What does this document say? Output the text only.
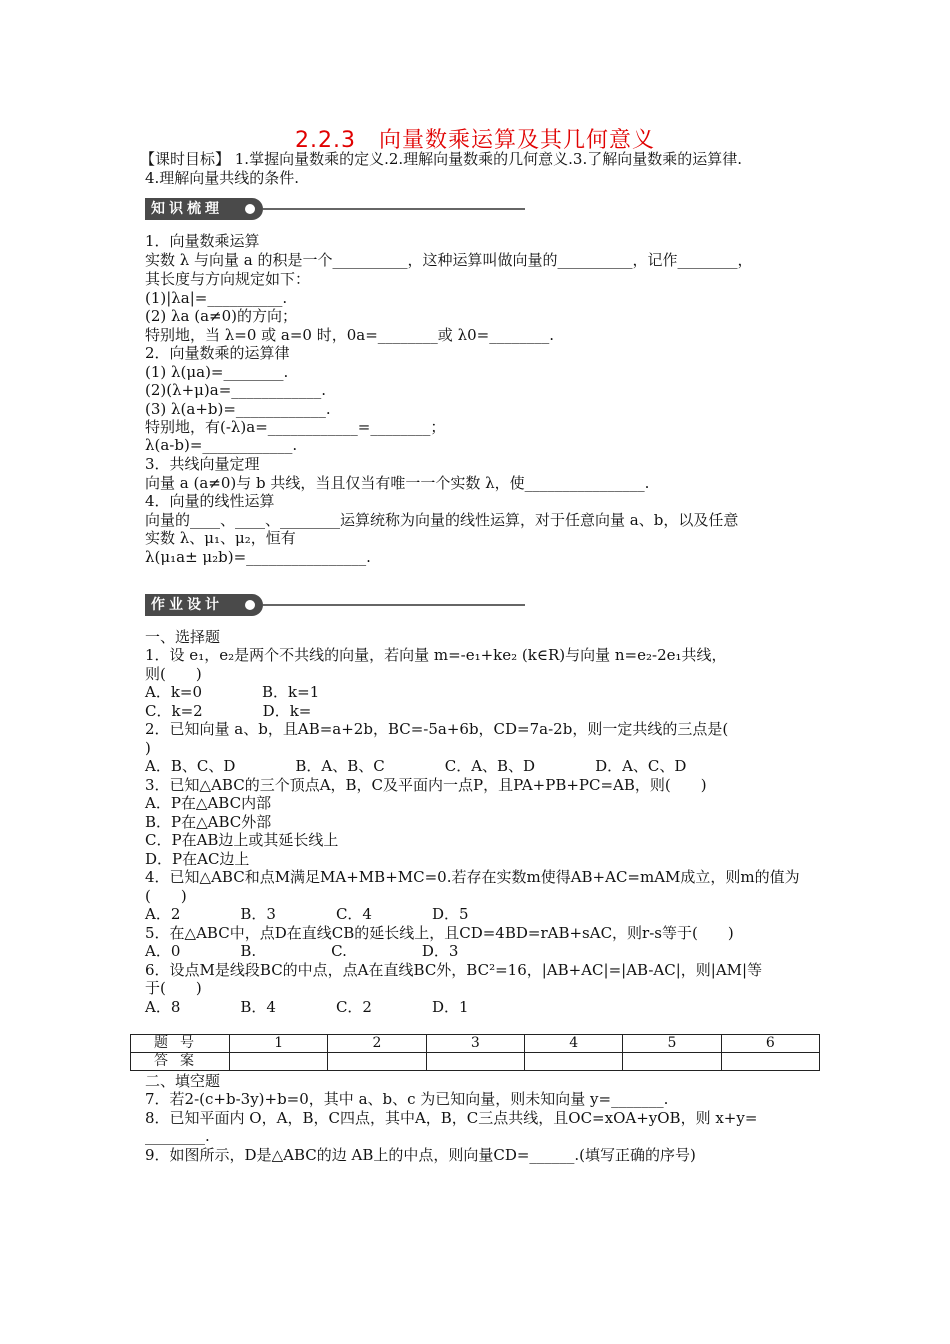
2.2.3　向量数乘运算及其几何意义
【课时目标】 1.掌握向量数乘的定义.2.理解向量数乘的几何意义.3.了解向量数乘的运算律.
4.理解向量共线的条件.
知识梳理
1．向量数乘运算
实数 λ 与向量 a 的积是一个__________，这种运算叫做向量的__________，记作________，
其长度与方向规定如下：
(1)|λa|=__________.
(2) λa (a≠0)的方向；
特别地，当 λ=0 或 a=0 时，0a=________或 λ0=________.
2．向量数乘的运算律
(1) λ(μa)=________.
(2)(λ+μ)a=____________.
(3) λ(a+b)=____________.
特别地，有(-λ)a=____________=________；
λ(a-b)=____________.
3．共线向量定理
向量 a (a≠0)与 b 共线，当且仅当有唯一一个实数 λ，使________________.
4．向量的线性运算
向量的____、____、________运算统称为向量的线性运算，对于任意向量 a、b，以及任意
实数 λ、μ₁、μ₂，恒有
λ(μ₁a± μ₂b)=________________.
作业设计
一、选择题
1．设 e₁，e₂是两个不共线的向量，若向量 m=-e₁+ke₂ (k∈R)与向量 n=e₂-2e₁共线，
则(　　)
A．k=0　　　　B．k=1
C．k=2　　　　D．k=
2．已知向量 a、b，且AB=a+2b，BC=-5a+6b，CD=7a-2b，则一定共线的三点是(
)
A．B、C、D　　　　B．A、B、C　　　　C．A、B、D　　　　D．A、C、D
3．已知△ABC的三个顶点A，B，C及平面内一点P，且PA+PB+PC=AB，则(　　)
A．P在△ABC内部
B．P在△ABC外部
C．P在AB边上或其延长线上
D．P在AC边上
4．已知△ABC和点M满足MA+MB+MC=0.若存在实数m使得AB+AC=mAM成立，则m的值为
(　　)
A．2　　　　B．3　　　　C．4　　　　D．5
5．在△ABC中，点D在直线CB的延长线上，且CD=4BD=rAB+sAC，则r-s等于(　　)
A．0　　　　B.　　　　　C.　　　　　D．3
6．设点M是线段BC的中点，点A在直线BC外，BC²=16，|AB+AC|=|AB-AC|，则|AM|等
于(　　)
A．8　　　　B．4　　　　C．2　　　　D．1
题号	1	2	3	4	5	6
答案						
二、填空题
7．若2-(c+b-3y)+b=0，其中 a、b、c 为已知向量，则未知向量 y=_______.
8．已知平面内 O，A，B，C四点，其中A，B，C三点共线，且OC=xOA+yOB，则 x+y=
________.
9．如图所示，D是△ABC的边 AB上的中点，则向量CD=______.(填写正确的序号)
